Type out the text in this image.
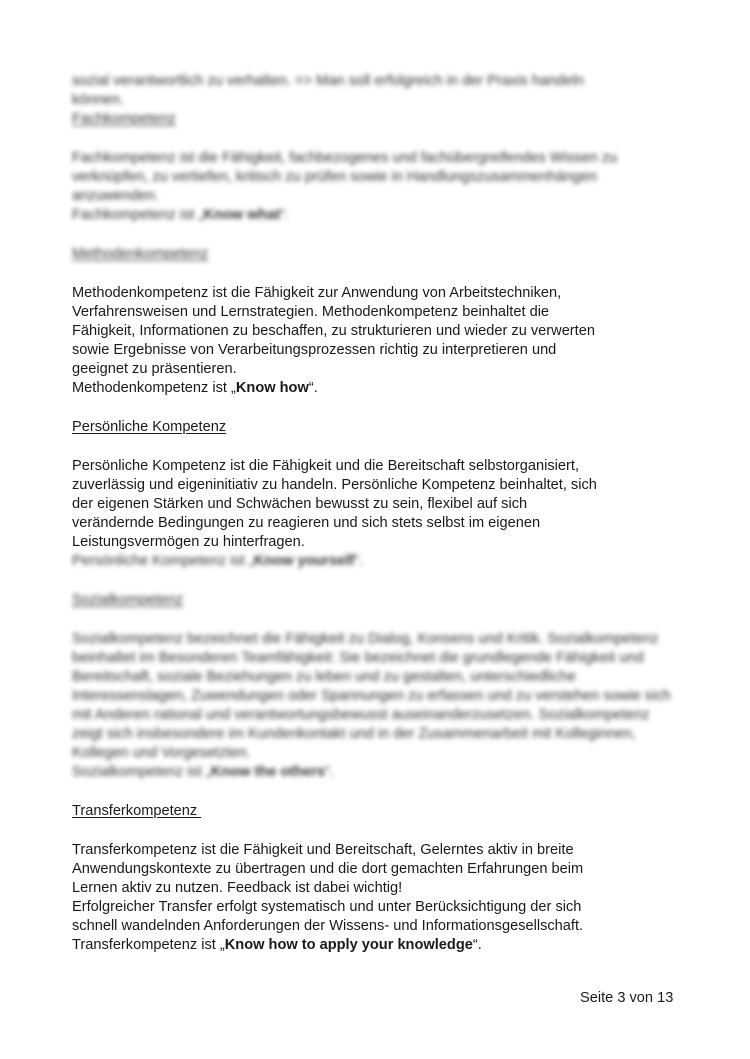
sozial verantwortlich zu verhalten. => Man soll erfolgreich in der Praxis handeln

können.

Fachkompetenz

Fachkompetenz ist die Fähigkeit, fachbezogenes und fachübergreifendes Wissen zu verknüpfen, zu vertiefen, kritisch zu prüfen sowie in Handlungszusammenhängen anzuwenden.

Fachkompetenz ist „Know what“.

Methodenkompetenz

Methodenkompetenz ist die Fähigkeit zur Anwendung von Arbeitstechniken,

Verfahrensweisen und Lernstrategien. Methodenkompetenz beinhaltet die

Fähigkeit, Informationen zu beschaffen, zu strukturieren und wieder zu verwerten

sowie Ergebnisse von Verarbeitungsprozessen richtig zu interpretieren und

geeignet zu präsentieren.

Methodenkompetenz ist „Know how“.

Persönliche Kompetenz

Persönliche Kompetenz ist die Fähigkeit und die Bereitschaft selbstorganisiert,

zuverlässig und eigeninitiativ zu handeln. Persönliche Kompetenz beinhaltet, sich

der eigenen Stärken und Schwächen bewusst zu sein, flexibel auf sich

verändernde Bedingungen zu reagieren und sich stets selbst im eigenen

Leistungsvermögen zu hinterfragen.

Persönliche Kompetenz ist „Know yourself“.

Sozialkompetenz

Sozialkompetenz bezeichnet die Fähigkeit zu Dialog, Konsens und Kritik. Sozialkompetenz beinhaltet im Besonderen Teamfähigkeit: Sie bezeichnet die grundlegende Fähigkeit und Bereitschaft, soziale Beziehungen zu leben und zu gestalten, unterschiedliche Interessenslagen, Zuwendungen oder Spannungen zu erfassen und zu verstehen sowie sich mit Anderen rational und verantwortungsbewusst auseinanderzusetzen. Sozialkompetenz zeigt sich insbesondere im Kundenkontakt und in der Zusammenarbeit mit Kolleginnen, Kollegen und Vorgesetzten.

Sozialkompetenz ist „Know the others“.

Transferkompetenz

Transferkompetenz ist die Fähigkeit und Bereitschaft, Gelerntes aktiv in breite

Anwendungskontexte zu übertragen und die dort gemachten Erfahrungen beim

Lernen aktiv zu nutzen. Feedback ist dabei wichtig!

Erfolgreicher Transfer erfolgt systematisch und unter Berücksichtigung der sich

schnell wandelnden Anforderungen der Wissens- und Informationsgesellschaft.

Transferkompetenz ist „Know how to apply your knowledge“.

Seite 3 von 13
